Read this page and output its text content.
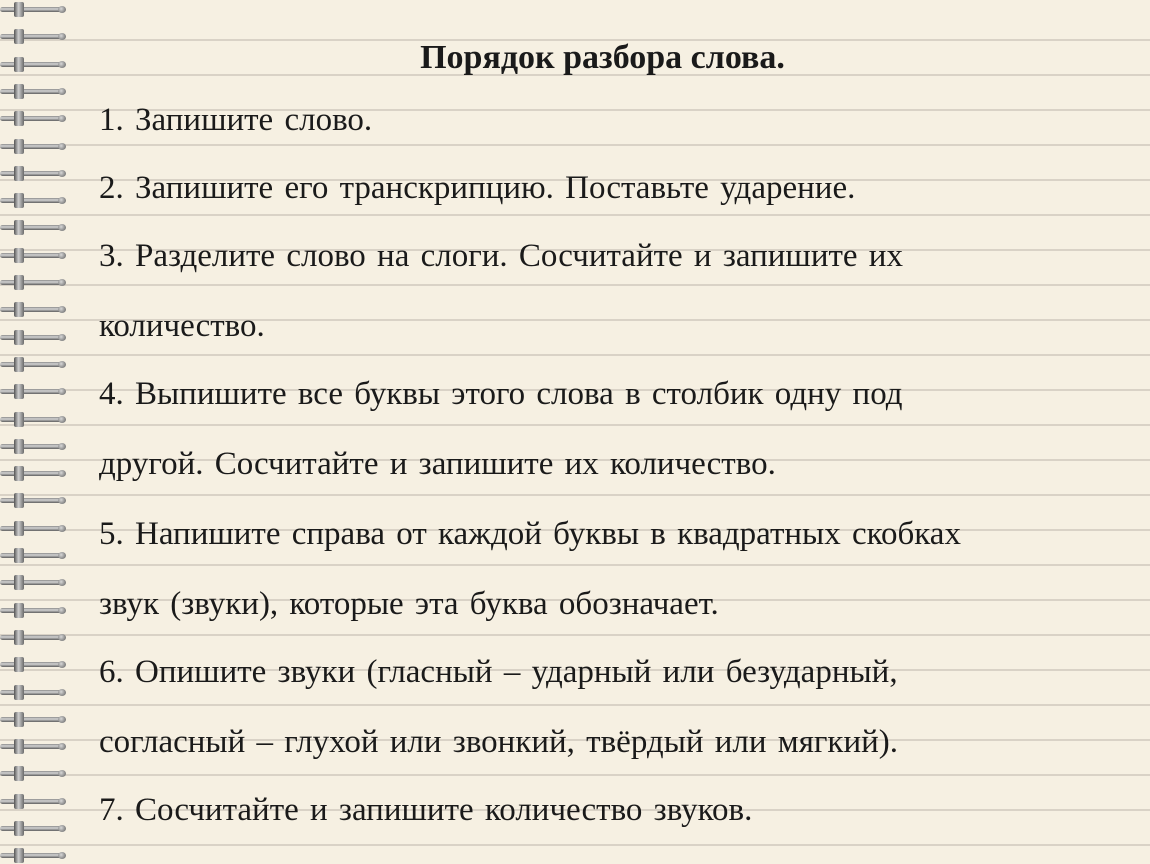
Порядок разбора слова.

1. Запишите слово.

2. Запишите его транскрипцию. Поставьте ударение.

3. Разделите слово на слоги. Сосчитайте и запишите их

количество.

4. Выпишите все буквы этого слова в столбик одну под

другой. Сосчитайте и запишите их количество.

5. Напишите справа от каждой буквы в квадратных скобках

звук (звуки), которые эта буква обозначает.

6. Опишите звуки (гласный – ударный или безударный,

согласный – глухой или звонкий, твёрдый или мягкий).

7. Сосчитайте и запишите количество звуков.
